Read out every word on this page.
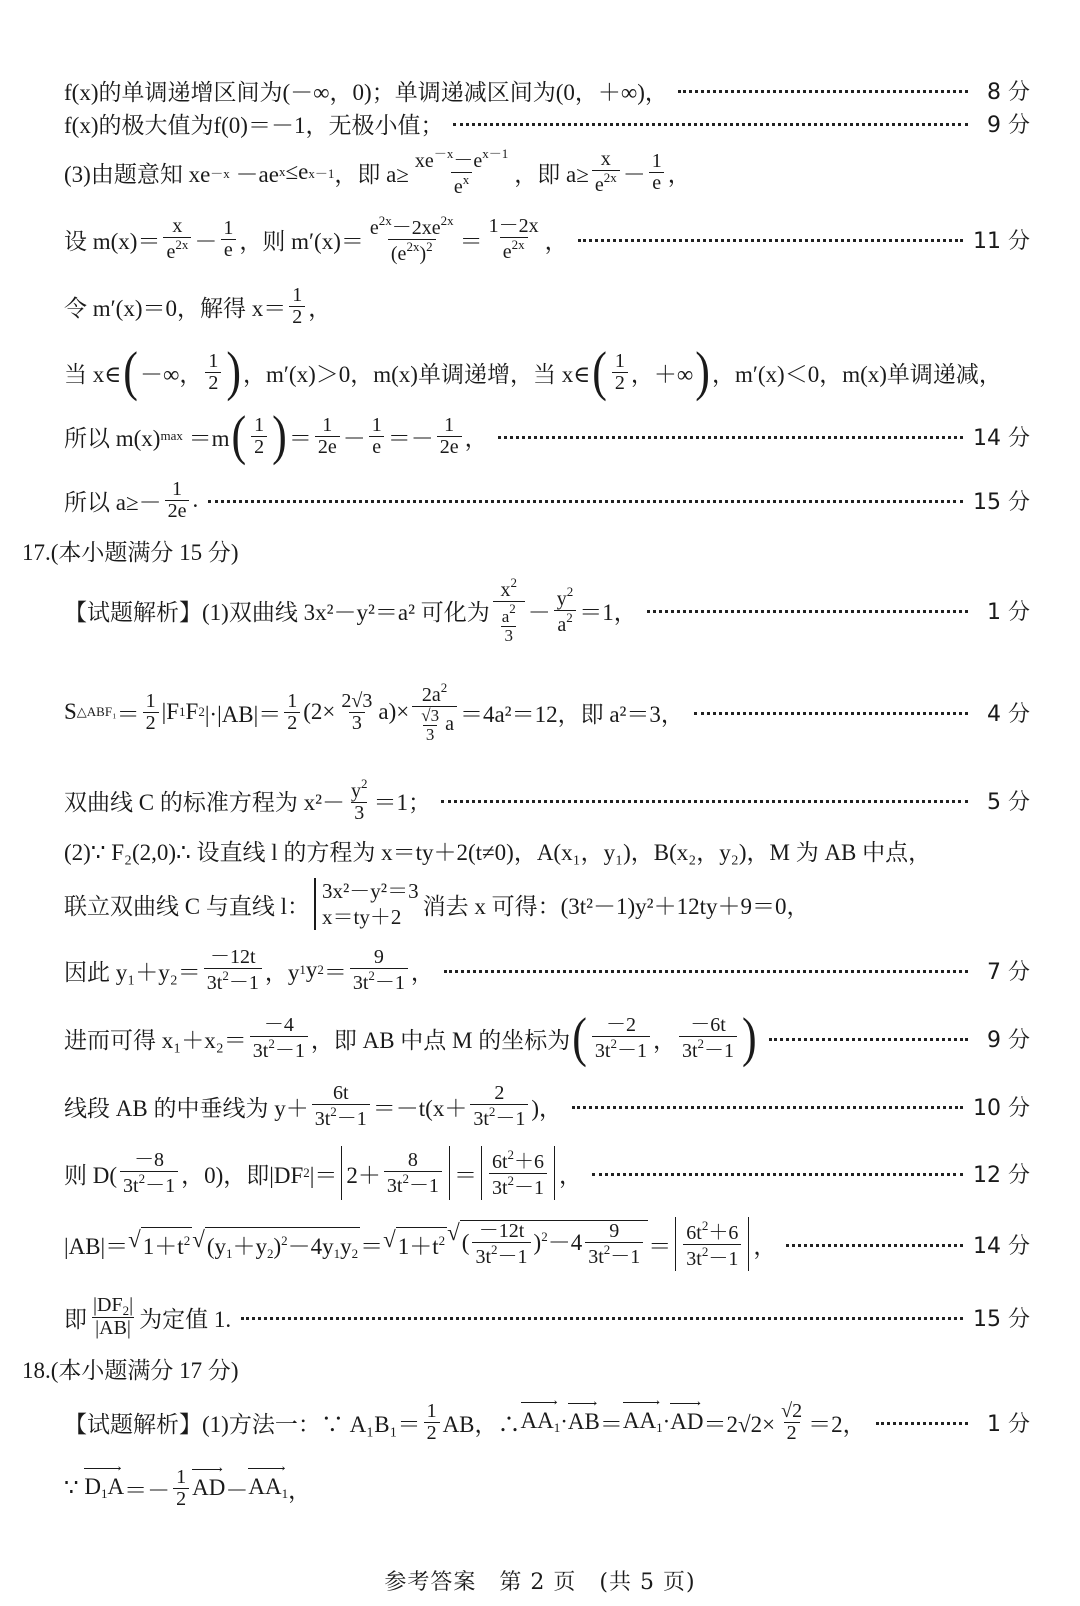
f(x)的单调递增区间为(－∞，0)；单调递减区间为(0，＋∞)，	8 分
f(x)的极大值为f(0)＝－1，无极小值；	9 分
(3)由题意知 xe －x －ae x ≤e x－1 ，即 $a\ge \frac{xe^{-x}-e^{x-1}}{e^x}$ ，即 $a\ge \frac{x}{e^{2x}}$ －
1
e ，
设 m(x)＝
x
$e^{2x}$ －
1
e ，则 m′(x)＝
$e^{2x}-2xe^{2x}$
$(e^{2x})^2$ ＝
1－2x
$e^{2x}$ ，	11 分
令 m′(x)＝0，解得 x＝
1
2 ，
当 x∈ ( －∞，
1
2 ) ，m′(x)＞0，m(x)单调递增，当 x∈ ( 1
2 ，＋∞ ) ，m′(x)＜0，m(x)单调递减，
所以 m(x) max ＝m ( 1
2 ) ＝
1
2e －
1
e ＝－
1
2e ，	14 分
所以 a≥－
1
2e .	15 分
17.(本小题满分 15 分)
【试题解析】(1)双曲线 3x²－y²＝a² 可化为
$x^2$
$\frac{a^2}{3}$ －
$y^2$
$a^2 =1$，	1 分
S △ABF₁ ＝
1
2 |F 1 F 2 |·|AB|＝
1
2 (2× 2√3
3 a)×
$2a^2$
$\frac{√3}{3}$ a ＝4a²＝12，即 a²＝3，	4 分
双曲线 C 的标准方程为 $x^2- y^2$
3 ＝1；	5 分
(2)∵ F₂(2,0)∴ 设直线 l 的方程为 x＝ty＋2(t≠0)，A(x₁，y₁)，B(x₂，y₂)，M 为 AB 中点，
联立双曲线 C 与直线 l：
3x²－y²＝3
x＝ty＋2 消去 x 可得：(3t²－1)y²＋12ty＋9＝0，
因此 y₁＋y₂＝
－12t
$3t^2-1$ ，y 1 y 2 ＝
9
$3t^2-1$ ，	7 分
进而可得 x₁＋x₂＝
－4
$3t^2-1$ ，即 AB 中点 M 的坐标为 ( －2
$3t^2-1$ ，
－6t
$3t^2-1$ )	9 分
线段 AB 的中垂线为 y＋
6t
$3t^2-1 =-t(x+$
2
$3t^2-1$ )，	10 分
则 D(
－8
$3t^2-1$ ，0)，即|DF 2 |＝
2＋
8
$3t^2-1$ ＝
$6t^2+6$
$3t^2-1$ ，	12 分
|AB|＝ √ $1+t^2$ √ $(y_1+y_2)^2-4y_1y_2$ ＝ √ $1+t^2$ √ ( $\frac{-12t}{3t^2-1} )^2-4 \frac{9}{3t^2-1}$ ＝
$6t^2+6$
$3t^2-1$ ，	14 分
即
$|DF_2|$
|AB| 为定值 1.	15 分
18.(本小题满分 17 分)
【试题解析】(1)方法一：∵ A₁B₁＝
1
2 AB，∴ → $AA_1$ · → AB ＝ → $AA_1$ · → AD ＝2√2×
√2
2 ＝2，	1 分
∵
→ $D_1A$ ＝－
1
2 → AD － → $AA_1$ ，
参考答案　第 2 页　(共 5 页)
